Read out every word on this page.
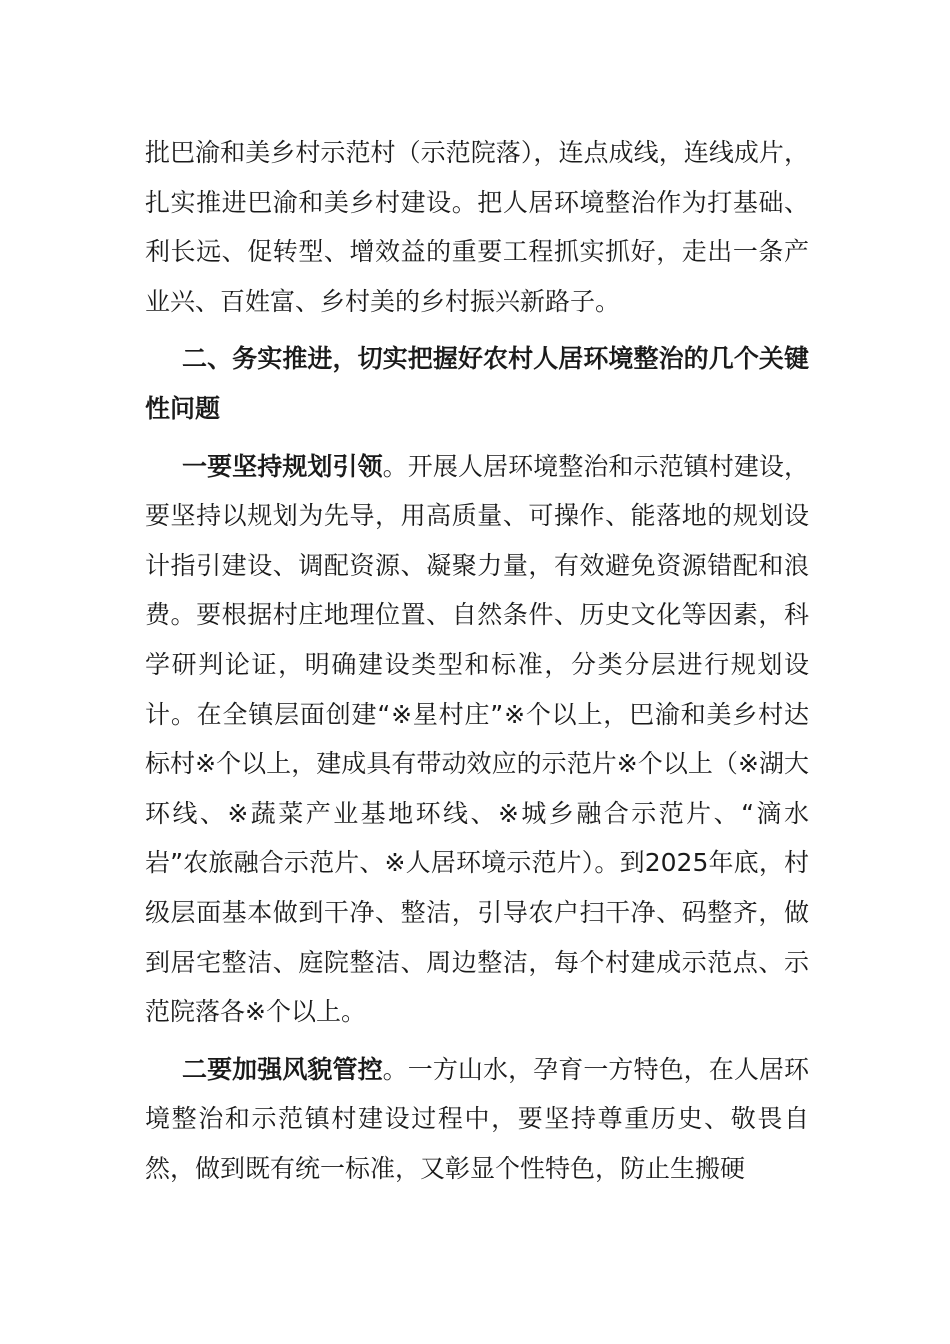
批巴渝和美乡村示范村（示范院落），连点成线，连线成片，扎实推进巴渝和美乡村建设。把人居环境整治作为打基础、利长远、促转型、增效益的重要工程抓实抓好，走出一条产业兴、百姓富、乡村美的乡村振兴新路子。

二、务实推进，切实把握好农村人居环境整治的几个关键性问题

一要坚持规划引领。开展人居环境整治和示范镇村建设，要坚持以规划为先导，用高质量、可操作、能落地的规划设计指引建设、调配资源、凝聚力量，有效避免资源错配和浪费。要根据村庄地理位置、自然条件、历史文化等因素，科学研判论证，明确建设类型和标准，分类分层进行规划设计。在全镇层面创建“※星村庄”※个以上，巴渝和美乡村达标村※个以上，建成具有带动效应的示范片※个以上（※湖大环线、※蔬菜产业基地环线、※城乡融合示范片、“滴水岩”农旅融合示范片、※人居环境示范片）。到2025年底，村级层面基本做到干净、整洁，引导农户扫干净、码整齐，做到居宅整洁、庭院整洁、周边整洁，每个村建成示范点、示范院落各※个以上。

二要加强风貌管控。一方山水，孕育一方特色，在人居环境整治和示范镇村建设过程中，要坚持尊重历史、敬畏自然，做到既有统一标准，又彰显个性特色，防止生搬硬
